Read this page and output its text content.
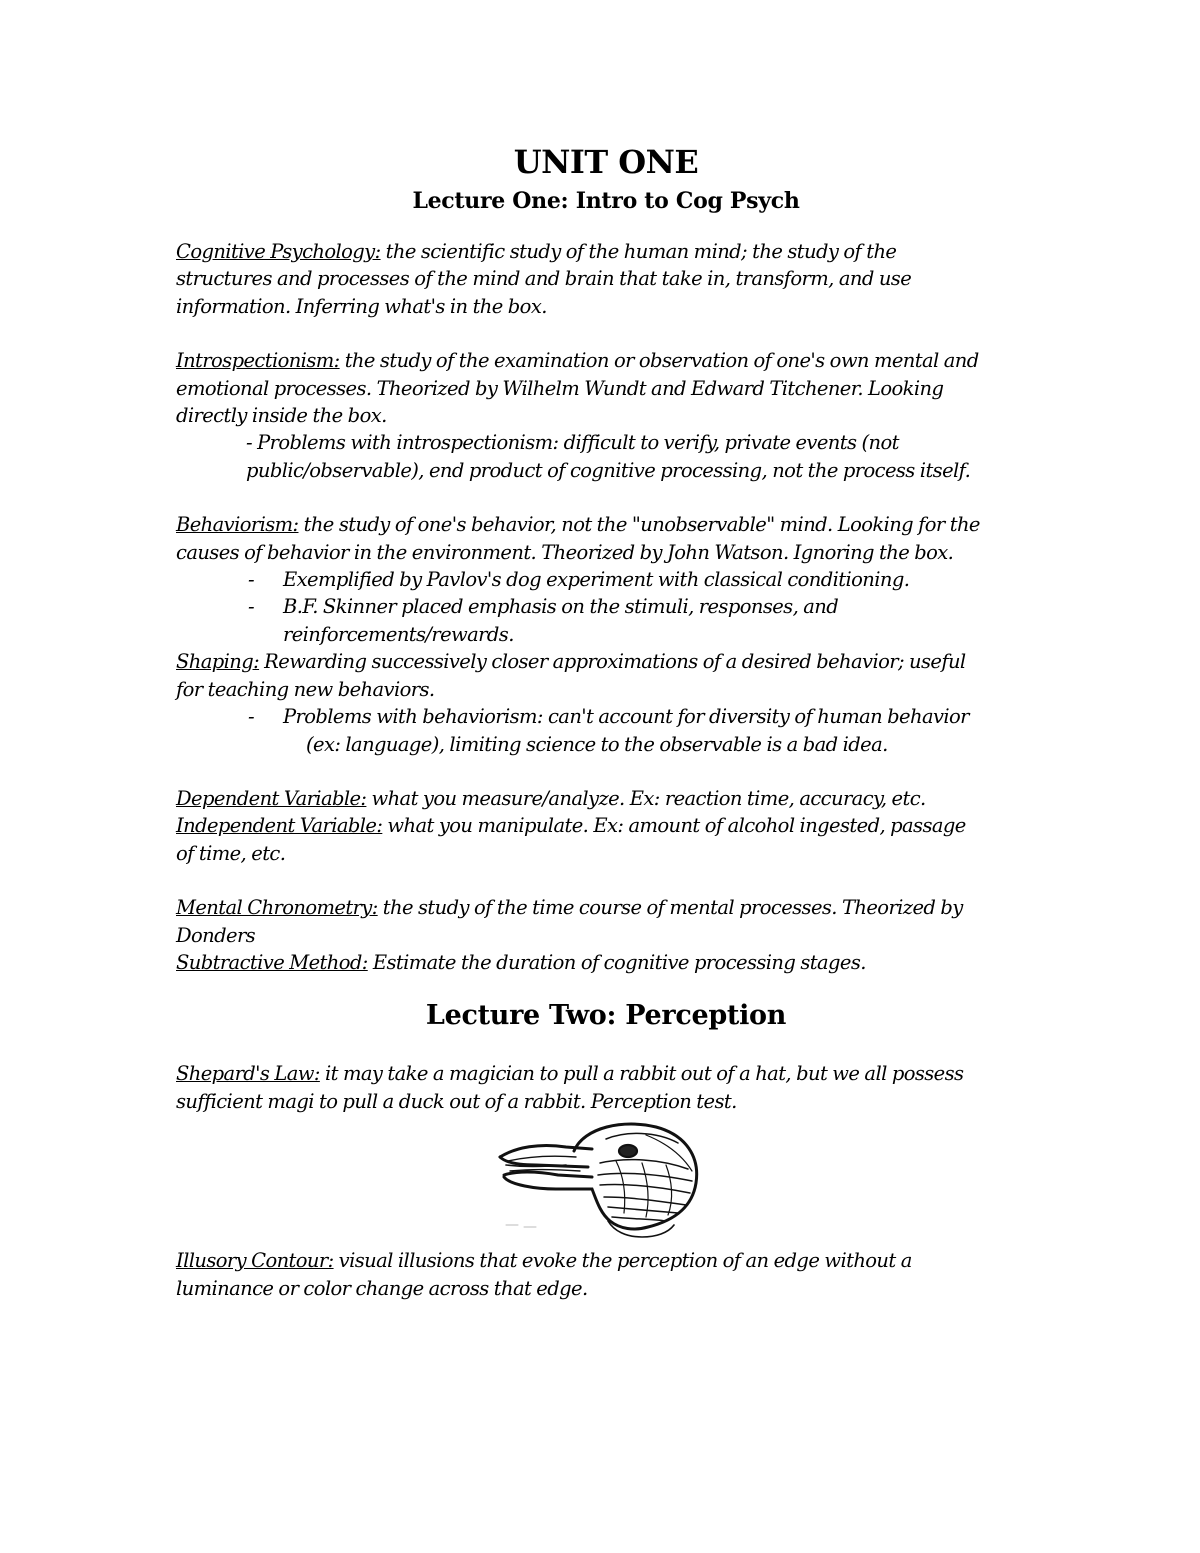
UNIT ONE
Lecture One: Intro to Cog Psych

Cognitive Psychology: the scientific study of the human mind; the study of the

structures and processes of the mind and brain that take in, transform, and use

information. Inferring what's in the box.

Introspectionism: the study of the examination or observation of one's own mental and

emotional processes. Theorized by Wilhelm Wundt and Edward Titchener. Looking

directly inside the box.

- Problems with introspectionism: difficult to verify, private events (not

public/observable), end product of cognitive processing, not the process itself.

Behaviorism: the study of one's behavior, not the "unobservable" mind. Looking for the

causes of behavior in the environment. Theorized by John Watson. Ignoring the box.

- Exemplified by Pavlov's dog experiment with classical conditioning.

- B.F. Skinner placed emphasis on the stimuli, responses, and

reinforcements/rewards.

Shaping: Rewarding successively closer approximations of a desired behavior; useful

for teaching new behaviors.

- Problems with behaviorism: can't account for diversity of human behavior

(ex: language), limiting science to the observable is a bad idea.

Dependent Variable: what you measure/analyze. Ex: reaction time, accuracy, etc.

Independent Variable: what you manipulate. Ex: amount of alcohol ingested, passage

of time, etc.

Mental Chronometry: the study of the time course of mental processes. Theorized by

Donders

Subtractive Method: Estimate the duration of cognitive processing stages.

Lecture Two: Perception

Shepard's Law: it may take a magician to pull a rabbit out of a hat, but we all possess

sufficient magi to pull a duck out of a rabbit. Perception test.

Illusory Contour: visual illusions that evoke the perception of an edge without a

luminance or color change across that edge.
